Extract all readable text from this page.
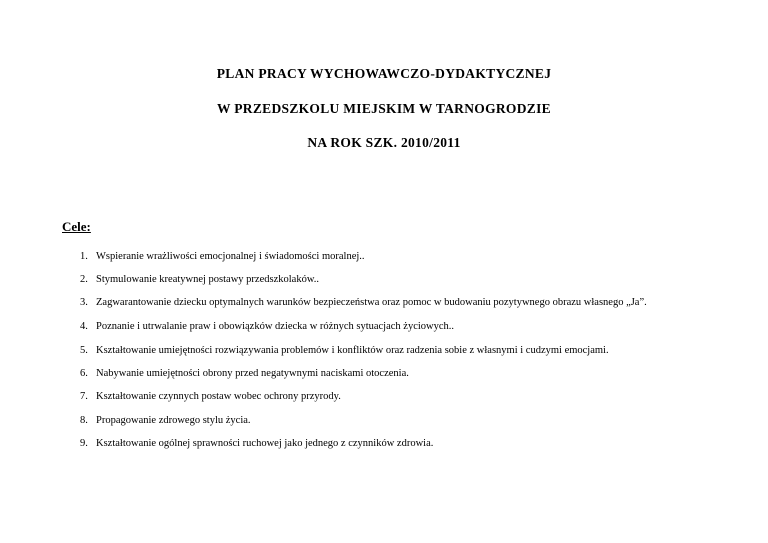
PLAN PRACY WYCHOWAWCZO-DYDAKTYCZNEJ
W PRZEDSZKOLU MIEJSKIM W TARNOGRODZIE
NA ROK SZK. 2010/2011
Cele:
1. Wspieranie wrażliwości emocjonalnej i świadomości moralnej..
2. Stymulowanie kreatywnej postawy przedszkolaków..
3. Zagwarantowanie dziecku optymalnych warunków bezpieczeństwa oraz pomoc w budowaniu pozytywnego obrazu własnego „Ja”.
4. Poznanie i utrwalanie praw i obowiązków dziecka w różnych sytuacjach życiowych..
5. Kształtowanie umiejętności rozwiązywania problemów i konfliktów oraz radzenia sobie z własnymi i cudzymi emocjami.
6. Nabywanie umiejętności obrony przed negatywnymi naciskami otoczenia.
7. Kształtowanie czynnych postaw wobec ochrony przyrody.
8. Propagowanie zdrowego stylu życia.
9. Kształtowanie ogólnej sprawności ruchowej jako jednego z czynników zdrowia.
